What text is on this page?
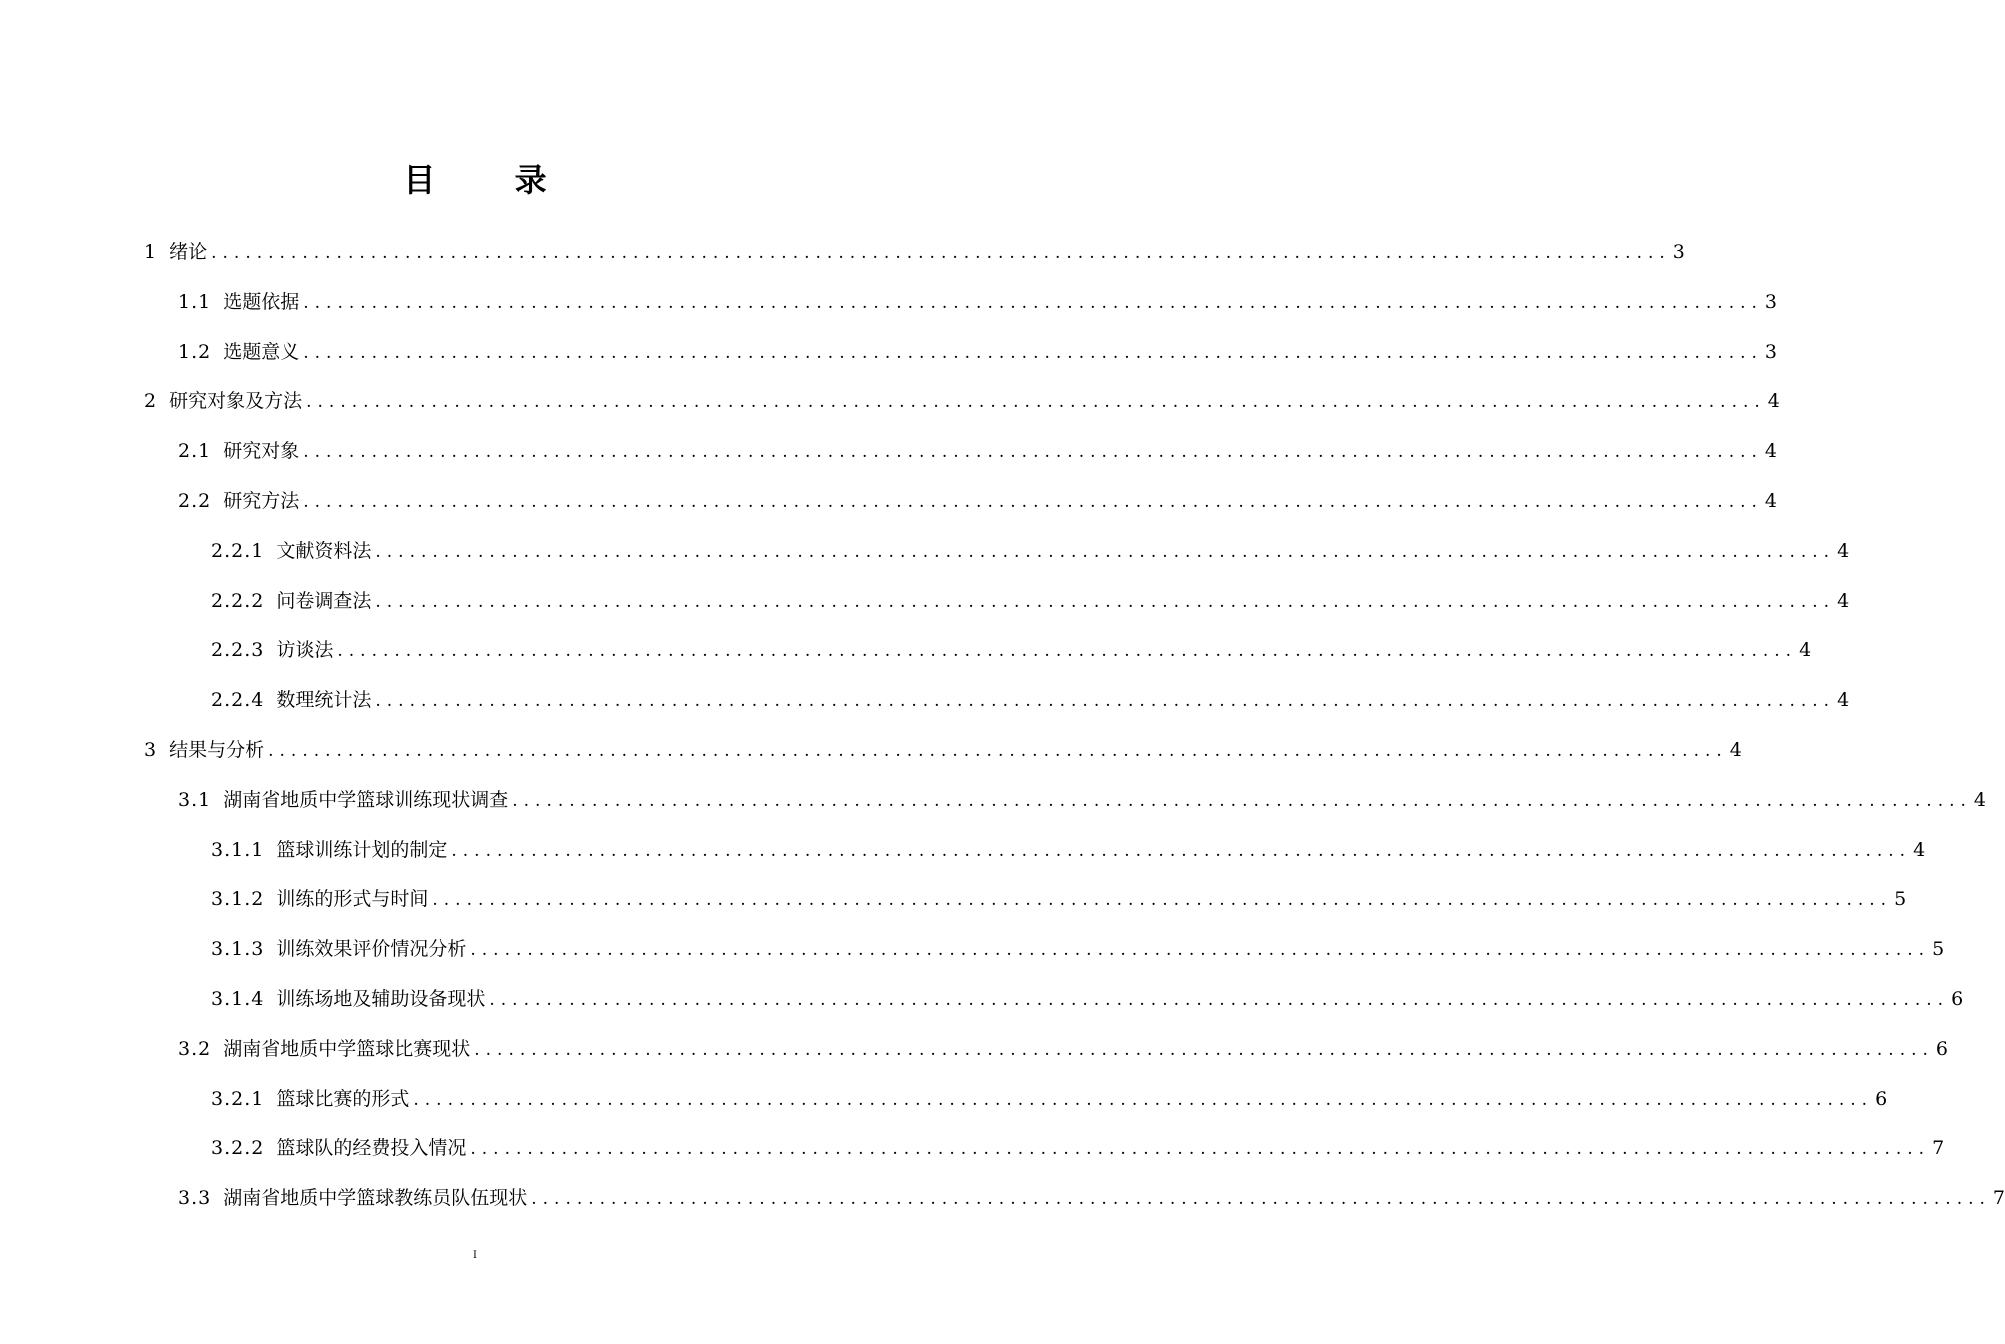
目 录
1 绪论 ................................................................................................................................ 3
1.1 选题依据 ................................................................................................................................ 3
1.2 选题意义 ................................................................................................................................ 3
2 研究对象及方法 ................................................................................................................................ 4
2.1 研究对象 ................................................................................................................................ 4
2.2 研究方法 ................................................................................................................................ 4
2.2.1 文献资料法 ................................................................................................................................ 4
2.2.2 问卷调查法 ................................................................................................................................ 4
2.2.3 访谈法 ................................................................................................................................ 4
2.2.4 数理统计法 ................................................................................................................................ 4
3 结果与分析 ................................................................................................................................ 4
3.1 湖南省地质中学篮球训练现状调查 ................................................................................................................................ 4
3.1.1 篮球训练计划的制定 ................................................................................................................................ 4
3.1.2 训练的形式与时间 ................................................................................................................................ 5
3.1.3 训练效果评价情况分析 ................................................................................................................................ 5
3.1.4 训练场地及辅助设备现状 ................................................................................................................................ 6
3.2 湖南省地质中学篮球比赛现状 ................................................................................................................................ 6
3.2.1 篮球比赛的形式 ................................................................................................................................ 6
3.2.2 篮球队的经费投入情况 ................................................................................................................................ 7
3.3 湖南省地质中学篮球教练员队伍现状 ................................................................................................................................ 7
I
